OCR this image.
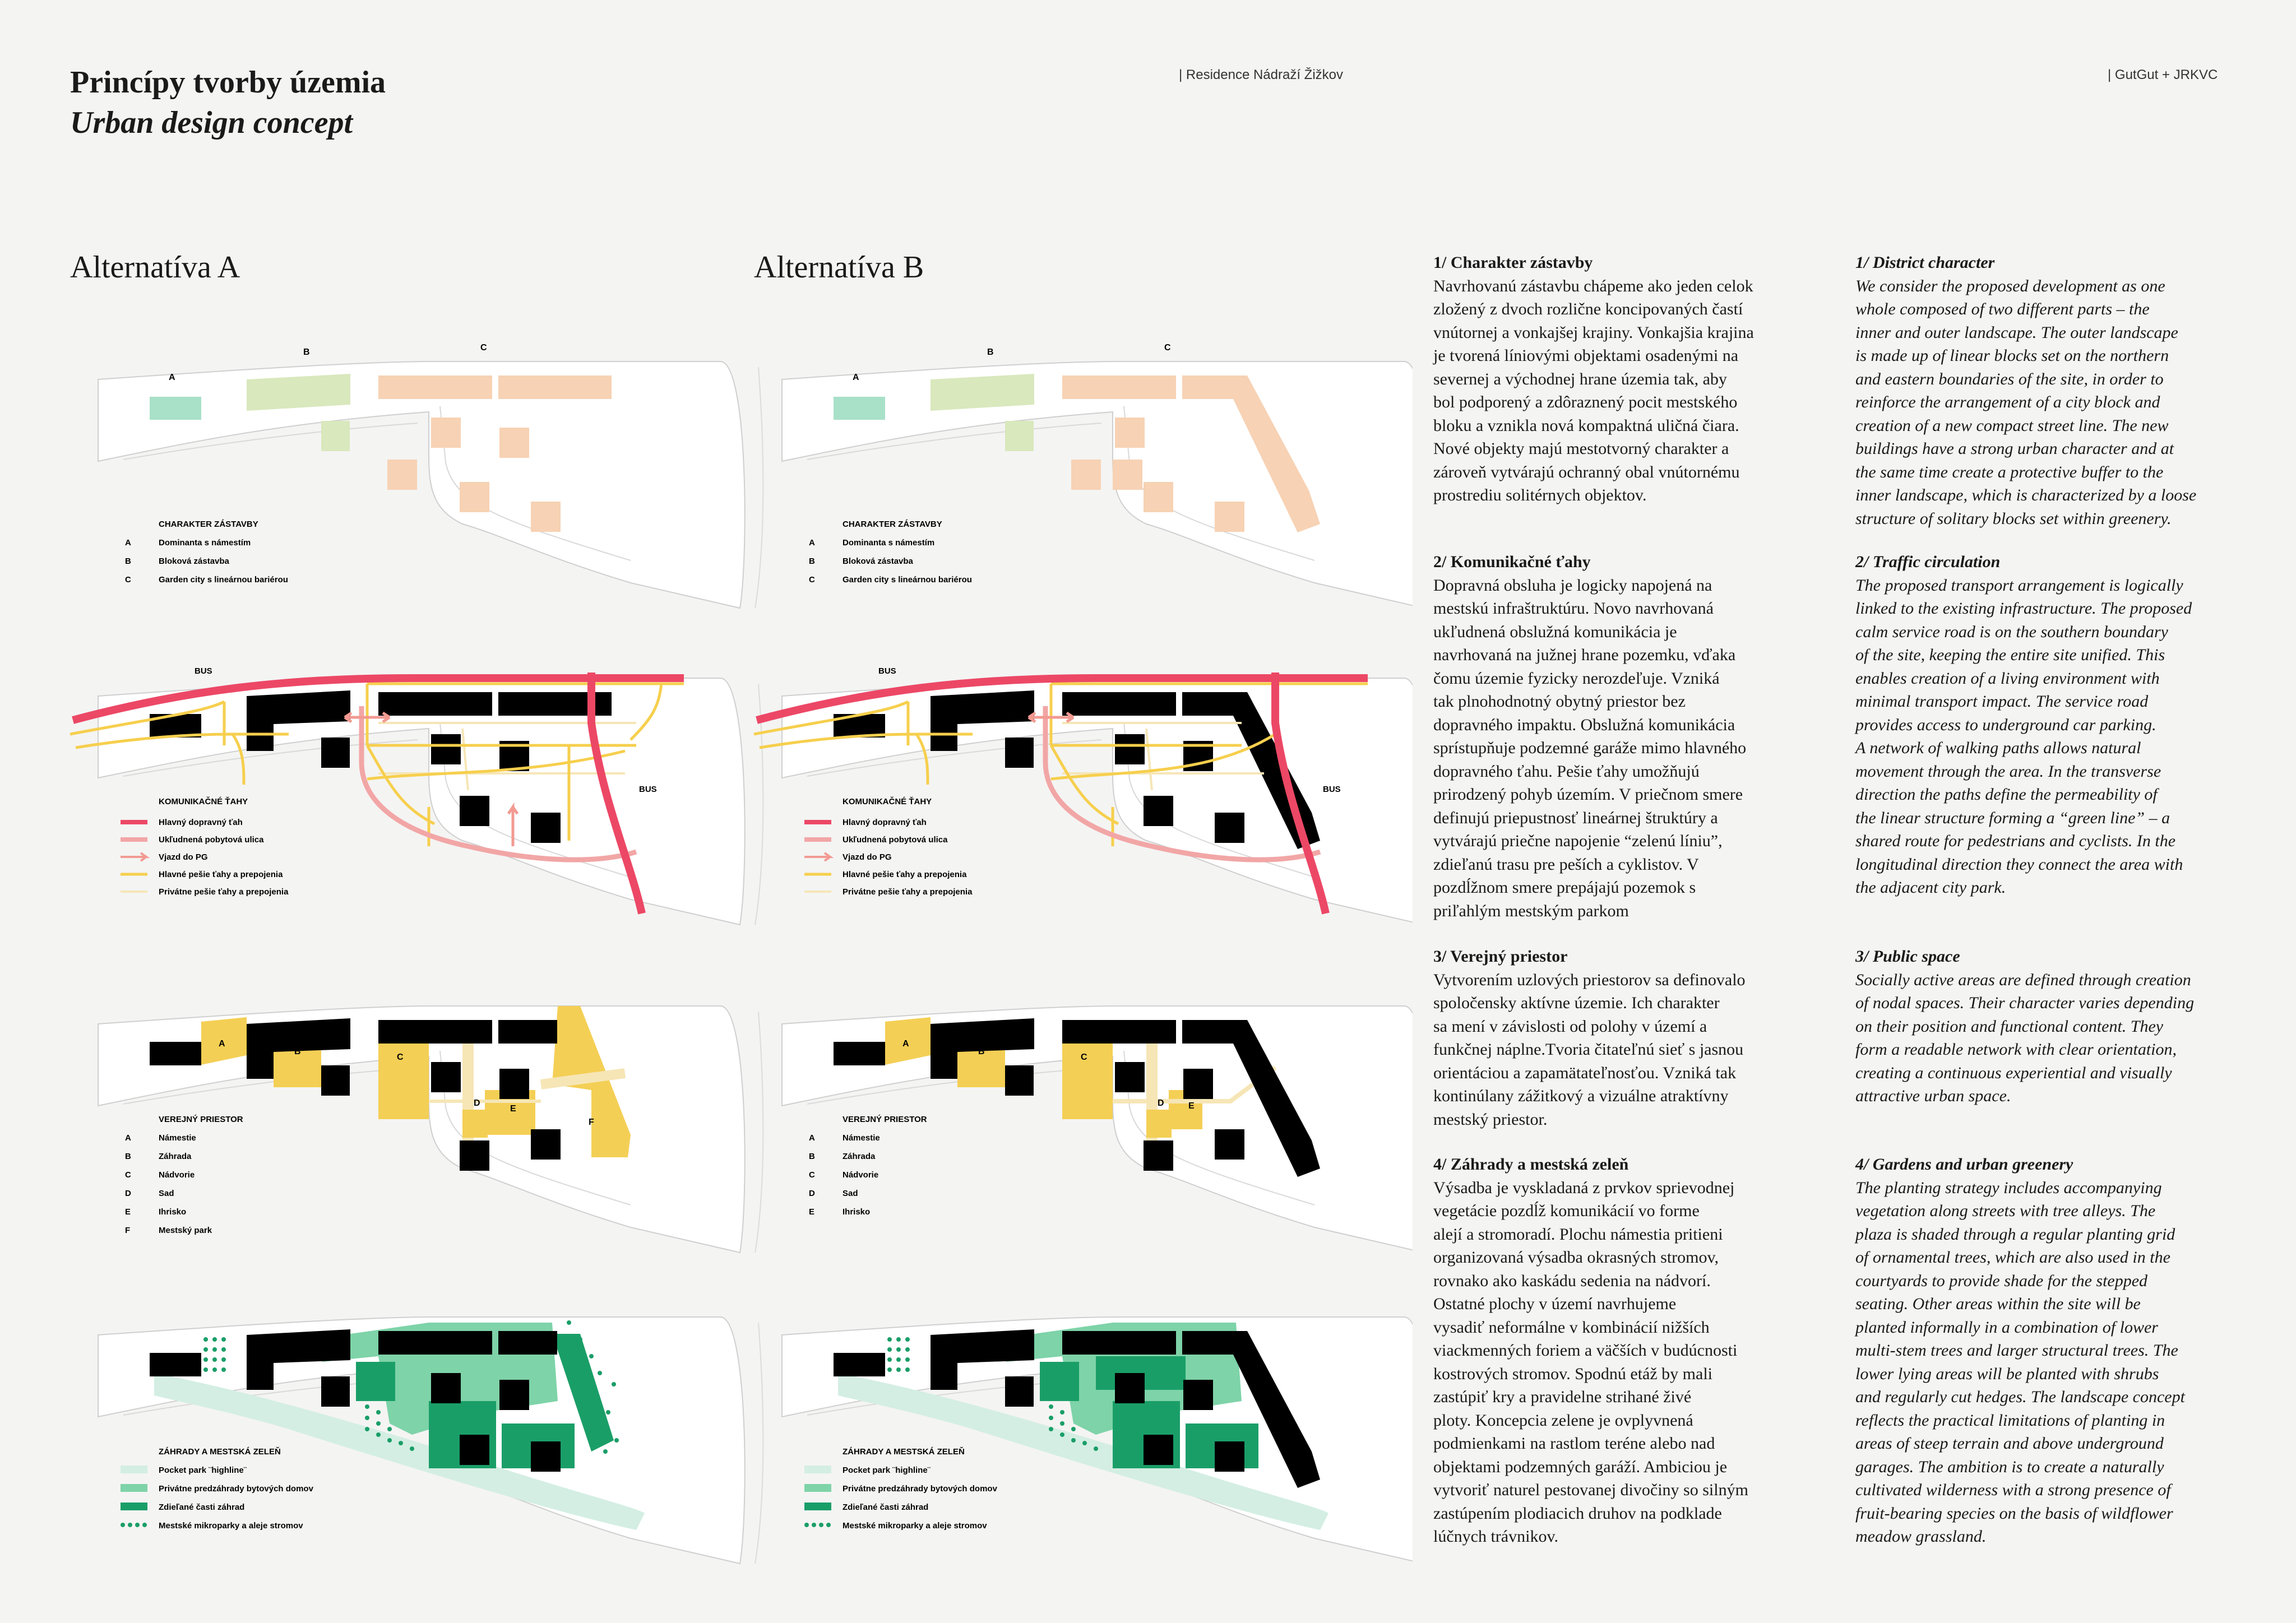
Princípy tvorby územia
Urban design concept
| Residence Nádraží Žižkov	| GutGut + JRKVC
Alternatíva A	Alternatíva B
A
B	C
CHARAKTER ZÁSTAVBY
A	Dominanta s námestím
B	Bloková zástavba
C	Garden city s lineárnou bariérou
A
B	C
CHARAKTER ZÁSTAVBY
A	Dominanta s námestím
B	Bloková zástavba
C	Garden city s lineárnou bariérou
BUS
BUS
KOMUNIKAČNÉ ŤAHY
Hlavný dopravný ťah
Ukľudnená pobytová ulica
Vjazd do PG
Hlavné pešie ťahy a prepojenia
Privátne pešie ťahy a prepojenia
BUS
BUS
KOMUNIKAČNÉ ŤAHY
Hlavný dopravný ťah
Ukľudnená pobytová ulica
Vjazd do PG
Hlavné pešie ťahy a prepojenia
Privátne pešie ťahy a prepojenia
A
B
C
D
E
F
VEREJNÝ PRIESTOR
A	Námestie
B	Záhrada
C	Nádvorie
D	Sad
E	Ihrisko
F	Mestský park
A
B
C
D	E
VEREJNÝ PRIESTOR
A	Námestie
B	Záhrada
C	Nádvorie
D	Sad
E	Ihrisko
ZÁHRADY A MESTSKÁ ZELEŇ
Pocket park ¨highline¨
Privátne predzáhrady bytových domov
Zdieľané časti záhrad
Mestské mikroparky a aleje stromov
ZÁHRADY A MESTSKÁ ZELEŇ
Pocket park ¨highline¨
Privátne predzáhrady bytových domov
Zdieľané časti záhrad
Mestské mikroparky a aleje stromov
1/ Charakter zástavby

Navrhovanú zástavbu chápeme ako jeden celok

zložený z dvoch rozlične koncipovaných častí

vnútornej a vonkajšej krajiny. Vonkajšia krajina

je tvorená líniovými objektami osadenými na

severnej a východnej hrane územia tak, aby

bol podporený a zdôraznený pocit mestského

bloku a vznikla nová kompaktná uličná čiara.

Nové objekty majú mestotvorný charakter a

zároveň vytvárajú ochranný obal vnútornému

prostrediu solitérnych objektov.

2/ Komunikačné ťahy

Dopravná obsluha je logicky napojená na

mestskú infraštruktúru. Novo navrhovaná

ukľudnená obslužná komunikácia je

navrhovaná na južnej hrane pozemku, vďaka

čomu územie fyzicky nerozdeľuje. Vzniká

tak plnohodnotný obytný priestor bez

dopravného impaktu. Obslužná komunikácia

sprístupňuje podzemné garáže mimo hlavného

dopravného ťahu. Pešie ťahy umožňujú

prirodzený pohyb územím. V priečnom smere

definujú priepustnosť lineárnej štruktúry a

vytvárajú priečne napojenie “zelenú líniu”,

zdieľanú trasu pre peších a cyklistov. V

pozdĺžnom smere prepájajú pozemok s

priľahlým mestským parkom

3/ Verejný priestor

Vytvorením uzlových priestorov sa definovalo

spoločensky aktívne územie. Ich charakter

sa mení v závislosti od polohy v území a

funkčnej náplne.Tvoria čitateľnú sieť s jasnou

orientáciou a zapamätateľnosťou. Vzniká tak

kontinúlany zážitkový a vizuálne atraktívny

mestský priestor.

4/ Záhrady a mestská zeleň

Výsadba je vyskladaná z prvkov sprievodnej

vegetácie pozdĺž komunikácií vo forme

alejí a stromoradí. Plochu námestia pritieni

organizovaná výsadba okrasných stromov,

rovnako ako kaskádu sedenia na nádvorí.

Ostatné plochy v území navrhujeme

vysadiť neformálne v kombinácií nižších

viackmenných foriem a väčších v budúcnosti

kostrových stromov. Spodnú etáž by mali

zastúpiť kry a pravidelne strihané živé

ploty. Koncepcia zelene je ovplyvnená

podmienkami na rastlom teréne alebo nad

objektami podzemných garáží. Ambiciou je

vytvoriť naturel pestovanej divočiny so silným

zastúpením plodiacich druhov na podklade

lúčnych trávnikov.

1/ District character

We consider the proposed development as one

whole composed of two different parts – the

inner and outer landscape. The outer landscape

is made up of linear blocks set on the northern

and eastern boundaries of the site, in order to

reinforce the arrangement of a city block and

creation of a new compact street line. The new

buildings have a strong urban character and at

the same time create a protective buffer to the

inner landscape, which is characterized by a loose

structure of solitary blocks set within greenery.

2/ Traffic circulation

The proposed transport arrangement is logically

linked to the existing infrastructure. The proposed

calm service road is on the southern boundary

of the site, keeping the entire site unified. This

enables creation of a living environment with

minimal transport impact. The service road

provides access to underground car parking.

A network of walking paths allows natural

movement through the area. In the transverse

direction the paths define the permeability of

the linear structure forming a “green line” – a

shared route for pedestrians and cyclists. In the

longitudinal direction they connect the area with

the adjacent city park.

3/ Public space

Socially active areas are defined through creation

of nodal spaces. Their character varies depending

on their position and functional content. They

form a readable network with clear orientation,

creating a continuous experiential and visually

attractive urban space.

4/ Gardens and urban greenery

The planting strategy includes accompanying

vegetation along streets with tree alleys. The

plaza is shaded through a regular planting grid

of ornamental trees, which are also used in the

courtyards to provide shade for the stepped

seating. Other areas within the site will be

planted informally in a combination of lower

multi-stem trees and larger structural trees. The

lower lying areas will be planted with shrubs

and regularly cut hedges. The landscape concept

reflects the practical limitations of planting in

areas of steep terrain and above underground

garages. The ambition is to create a naturally

cultivated wilderness with a strong presence of

fruit-bearing species on the basis of wildflower

meadow grassland.
